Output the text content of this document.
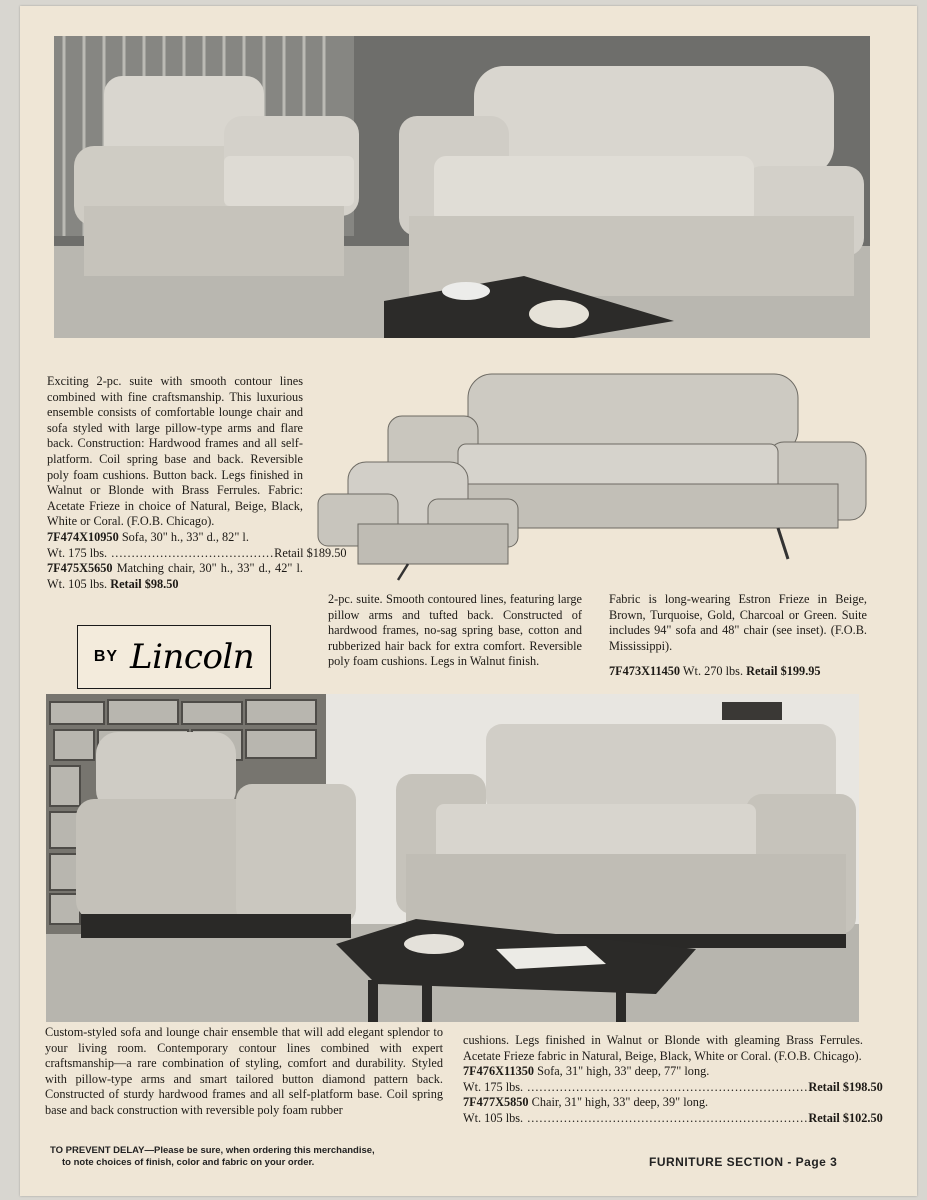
Exciting 2-pc. suite with smooth contour lines combined with fine craftsmanship. This luxurious ensemble consists of comfortable lounge chair and sofa styled with large pillow-type arms and flare back. Construction: Hardwood frames and all self-platform. Coil spring base and back. Reversible poly foam cushions. Button back. Legs finished in Walnut or Blonde with Brass Ferrules. Fabric: Acetate Frieze in choice of Natural, Beige, Black, White or Coral. (F.O.B. Chicago).

7F474X10950
Sofa, 30" h., 33" d., 82" l.
Wt. 175 lbs. ........................................ Retail $189.50
7F475X5650 Matching chair, 30" h., 33" d., 42" l. Wt. 105 lbs. Retail $98.50
BY Lincoln

2-pc. suite. Smooth contoured lines, featuring large pillow arms and tufted back. Constructed of hardwood frames, no-sag spring base, cotton and rubberized hair back for extra comfort. Reversible poly foam cushions. Legs in Walnut finish.

Fabric is long-wearing Estron Frieze in Beige, Brown, Turquoise, Gold, Charcoal or Green. Suite includes 94" sofa and 48" chair (see inset). (F.O.B. Mississippi).

7F473X11450 Wt. 270 lbs. Retail $199.95

Custom-styled sofa and lounge chair ensemble that will add elegant splendor to your living room. Contemporary contour lines combined with expert craftsmanship—a rare combination of styling, comfort and durability. Styled with pillow-type arms and smart tailored button diamond pattern back. Constructed of sturdy hardwood frames and all self-platform base. Coil spring base and back construction with reversible poly foam rubber

cushions. Legs finished in Walnut or Blonde with gleaming Brass Ferrules. Acetate Frieze fabric in Natural, Beige, Black, White or Coral. (F.O.B. Chicago).

7F476X11350 Sofa, 31" high, 33" deep, 77" long.
Wt. 175 lbs. ..................................................................... Retail $198.50
7F477X5850 Chair, 31" high, 33" deep, 39" long.
Wt. 105 lbs. ..................................................................... Retail $102.50
TO PREVENT DELAY—Please be sure, when ordering this merchandise,
to note choices of finish, color and fabric on your order.	FURNITURE SECTION - Page 3
